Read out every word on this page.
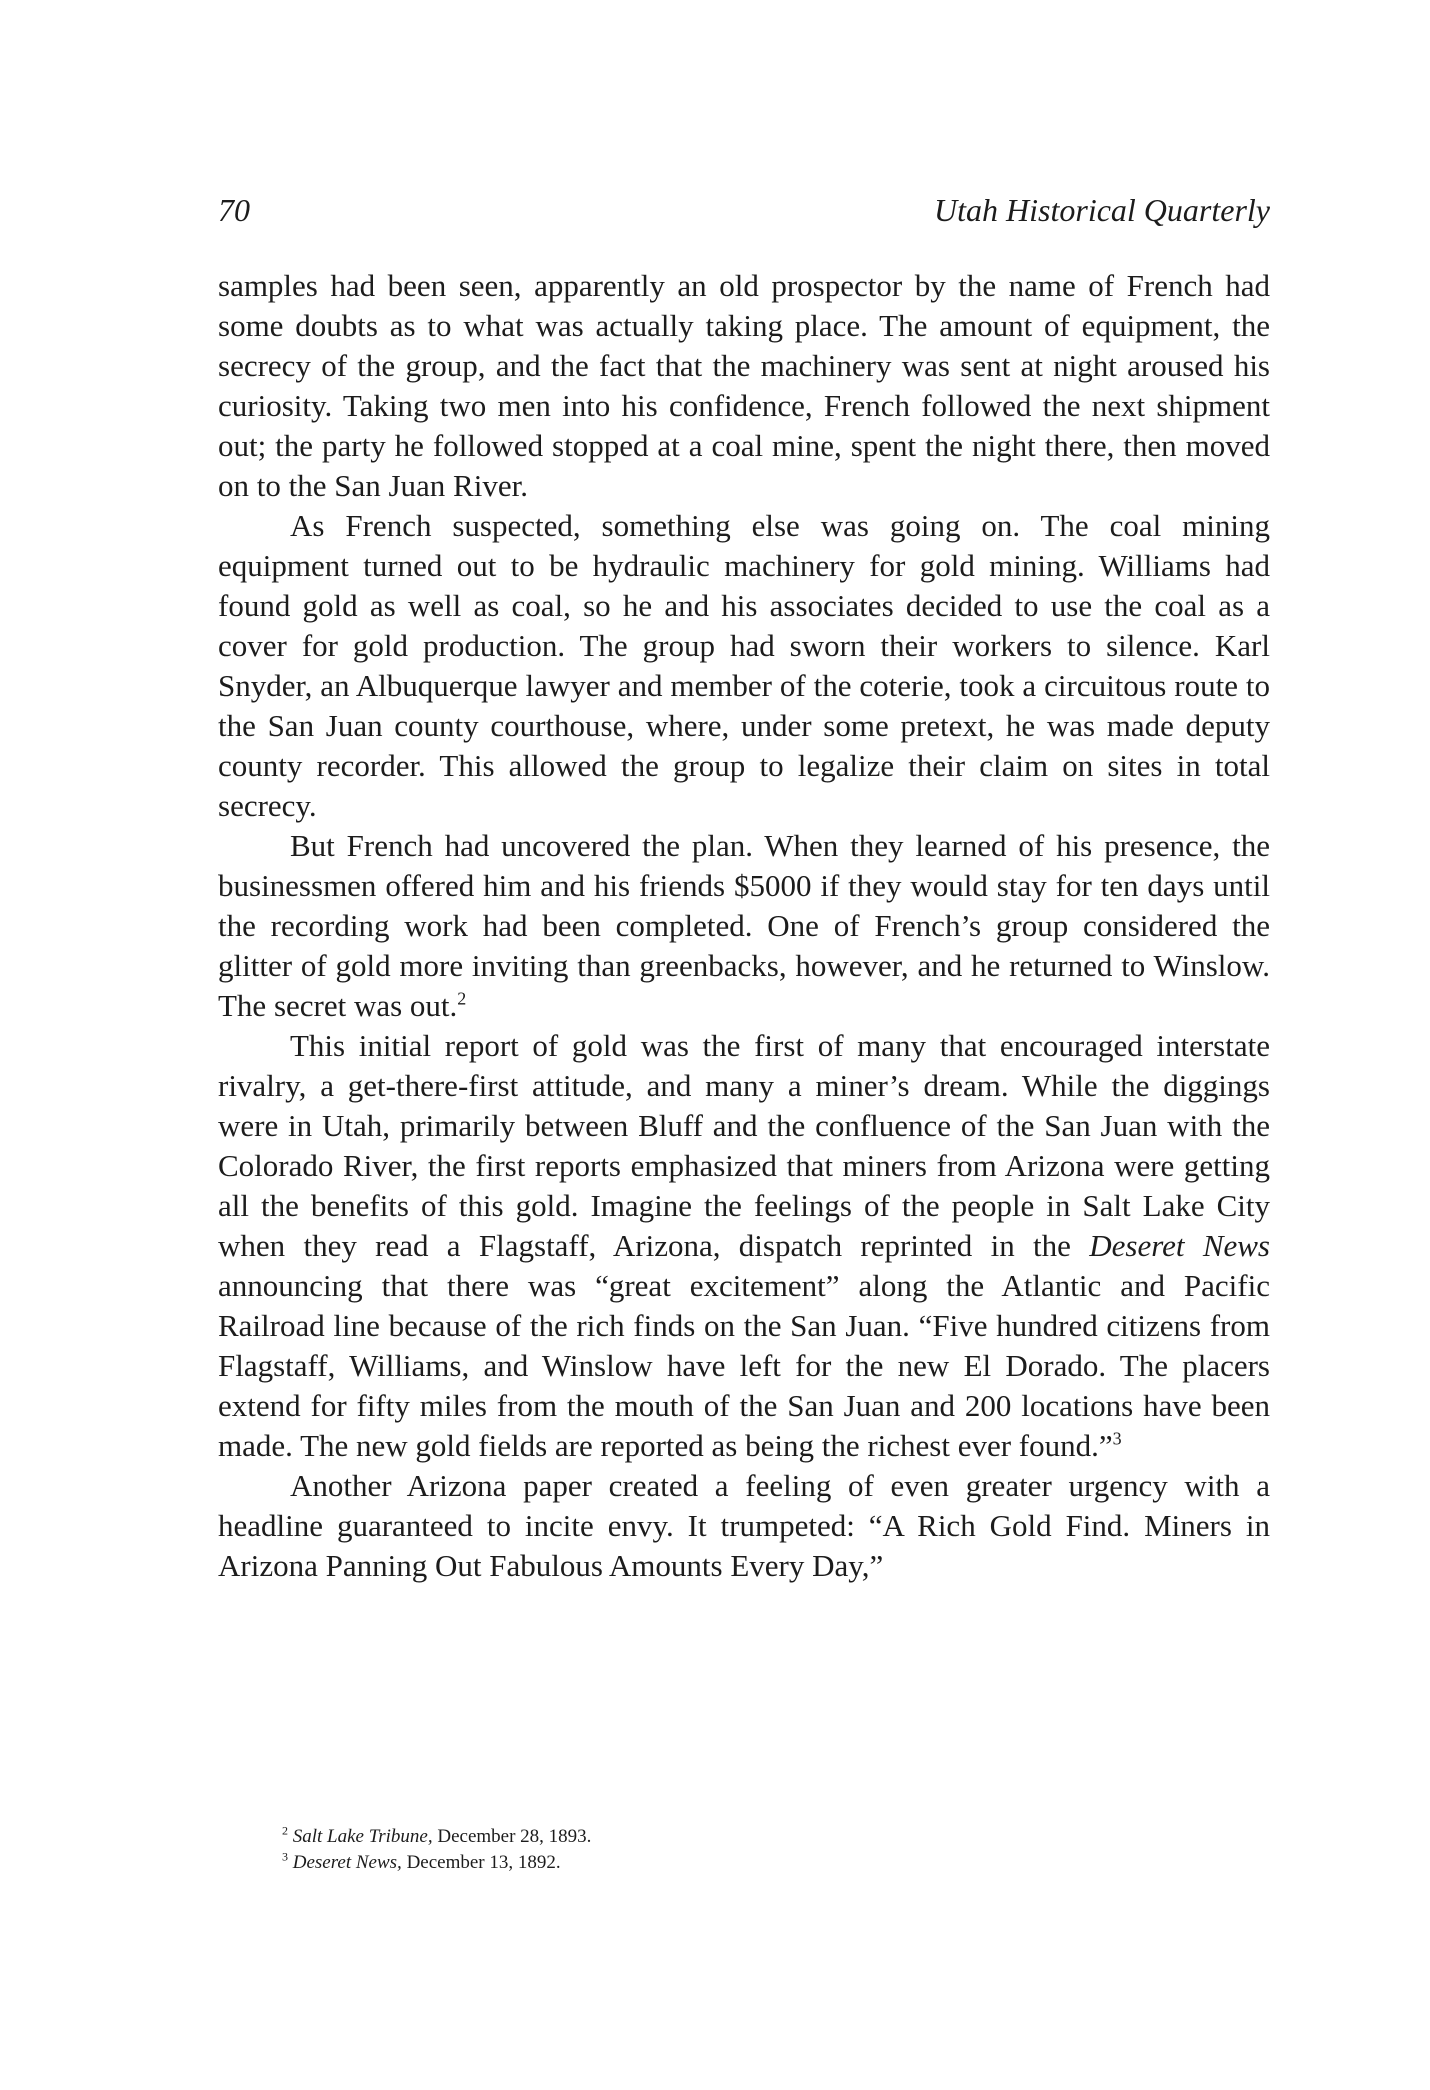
70	Utah Historical Quarterly

samples had been seen, apparently an old prospector by the name of French had some doubts as to what was actually taking place. The amount of equipment, the secrecy of the group, and the fact that the machinery was sent at night aroused his curiosity. Taking two men into his confidence, French followed the next shipment out; the party he followed stopped at a coal mine, spent the night there, then moved on to the San Juan River.

As French suspected, something else was going on. The coal mining equipment turned out to be hydraulic machinery for gold mining. Williams had found gold as well as coal, so he and his associates decided to use the coal as a cover for gold production. The group had sworn their workers to silence. Karl Snyder, an Albuquerque lawyer and member of the coterie, took a circuitous route to the San Juan county courthouse, where, under some pretext, he was made deputy county recorder. This allowed the group to legalize their claim on sites in total secrecy.

But French had uncovered the plan. When they learned of his presence, the businessmen offered him and his friends $5000 if they would stay for ten days until the recording work had been completed. One of French’s group considered the glitter of gold more inviting than greenbacks, however, and he returned to Winslow. The secret was out.$^2$

This initial report of gold was the first of many that encouraged interstate rivalry, a get-there-first attitude, and many a miner’s dream. While the diggings were in Utah, primarily between Bluff and the confluence of the San Juan with the Colorado River, the first reports emphasized that miners from Arizona were getting all the benefits of this gold. Imagine the feelings of the people in Salt Lake City when they read a Flagstaff, Arizona, dispatch reprinted in the Deseret News announcing that there was “great excitement” along the Atlantic and Pacific Railroad line because of the rich finds on the San Juan. “Five hundred citizens from Flagstaff, Williams, and Winslow have left for the new El Dorado. The placers extend for fifty miles from the mouth of the San Juan and 200 locations have been made. The new gold fields are reported as being the richest ever found.”$^3$

Another Arizona paper created a feeling of even greater urgency with a headline guaranteed to incite envy. It trumpeted: “A Rich Gold Find. Miners in Arizona Panning Out Fabulous Amounts Every Day,”

$^2$ Salt Lake Tribune, December 28, 1893.

$^3$ Deseret News, December 13, 1892.
